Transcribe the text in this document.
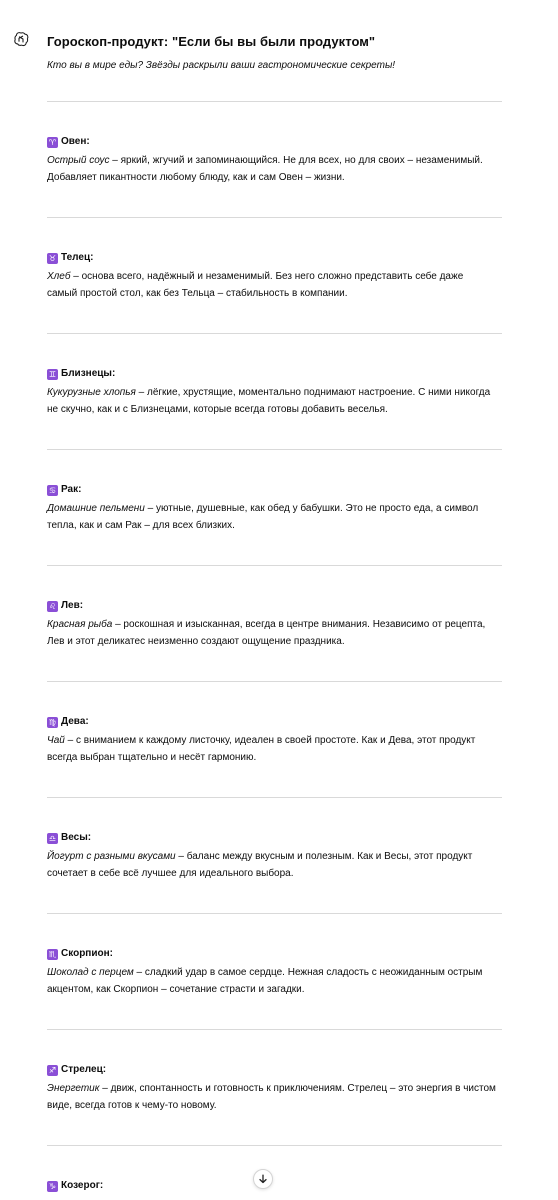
Гороскоп-продукт: "Если бы вы были продуктом"

Кто вы в мире еды? Звёзды раскрыли ваши гастрономические секреты!

♈ Овен:

Острый соус – яркий, жгучий и запоминающийся. Не для всех, но для своих – незаменимый. Добавляет пикантности любому блюду, как и сам Овен – жизни.

♉ Телец:

Хлеб – основа всего, надёжный и незаменимый. Без него сложно представить себе даже самый простой стол, как без Тельца – стабильность в компании.

♊ Близнецы:

Кукурузные хлопья – лёгкие, хрустящие, моментально поднимают настроение. С ними никогда не скучно, как и с Близнецами, которые всегда готовы добавить веселья.

♋ Рак:

Домашние пельмени – уютные, душевные, как обед у бабушки. Это не просто еда, а символ тепла, как и сам Рак – для всех близких.

♌ Лев:

Красная рыба – роскошная и изысканная, всегда в центре внимания. Независимо от рецепта, Лев и этот деликатес неизменно создают ощущение праздника.

♍ Дева:

Чай – с вниманием к каждому листочку, идеален в своей простоте. Как и Дева, этот продукт всегда выбран тщательно и несёт гармонию.

♎ Весы:

Йогурт с разными вкусами – баланс между вкусным и полезным. Как и Весы, этот продукт сочетает в себе всё лучшее для идеального выбора.

♏ Скорпион:

Шоколад с перцем – сладкий удар в самое сердце. Нежная сладость с неожиданным острым акцентом, как Скорпион – сочетание страсти и загадки.

♐ Стрелец:

Энергетик – движ, спонтанность и готовность к приключениям. Стрелец – это энергия в чистом виде, всегда готов к чему-то новому.

♑ Козерог:
